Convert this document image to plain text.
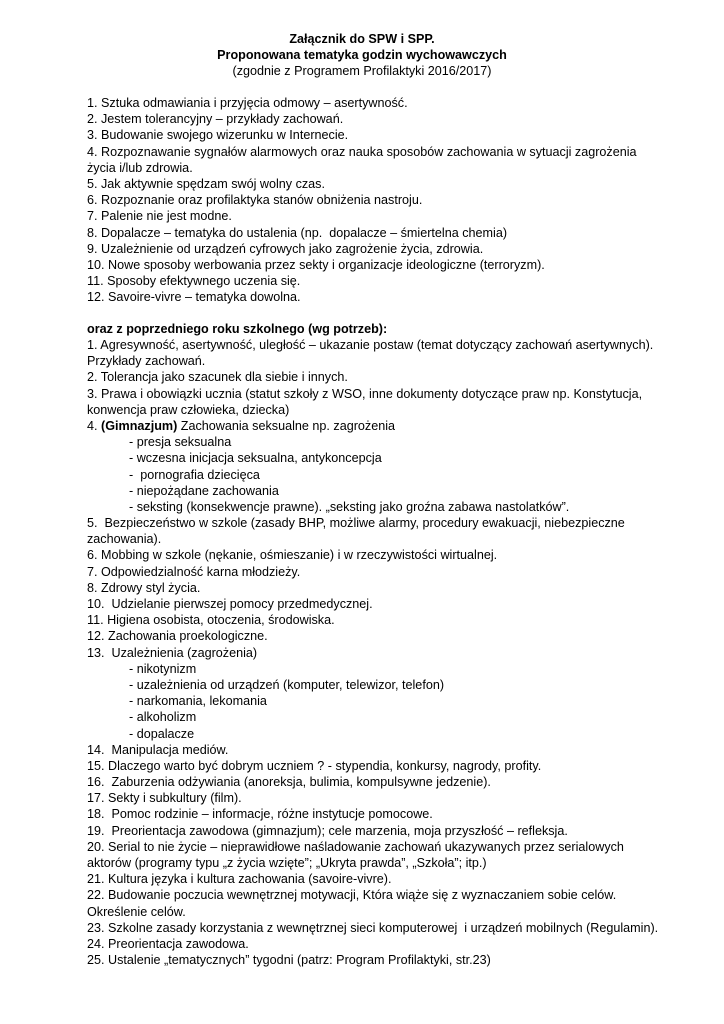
Załącznik do SPW i SPP.
Proponowana tematyka godzin wychowawczych
(zgodnie z Programem Profilaktyki 2016/2017)
1. Sztuka odmawiania i przyjęcia odmowy – asertywność.
2. Jestem tolerancyjny – przykłady zachowań.
3. Budowanie swojego wizerunku w Internecie.
4. Rozpoznawanie sygnałów alarmowych oraz nauka sposobów zachowania w sytuacji zagrożenia
życia i/lub zdrowia.
5. Jak aktywnie spędzam swój wolny czas.
6. Rozpoznanie oraz profilaktyka stanów obniżenia nastroju.
7. Palenie nie jest modne.
8. Dopalacze – tematyka do ustalenia (np.  dopalacze – śmiertelna chemia)
9. Uzależnienie od urządzeń cyfrowych jako zagrożenie życia, zdrowia.
10. Nowe sposoby werbowania przez sekty i organizacje ideologiczne (terroryzm).
11. Sposoby efektywnego uczenia się.
12. Savoire-vivre – tematyka dowolna.
oraz z poprzedniego roku szkolnego (wg potrzeb):
1. Agresywność, asertywność, uległość – ukazanie postaw (temat dotyczący zachowań asertywnych).
Przykłady zachowań.
2. Tolerancja jako szacunek dla siebie i innych.
3. Prawa i obowiązki ucznia (statut szkoły z WSO, inne dokumenty dotyczące praw np. Konstytucja,
konwencja praw człowieka, dziecka)
4. (Gimnazjum) Zachowania seksualne np. zagrożenia
- presja seksualna
- wczesna inicjacja seksualna, antykoncepcja
-  pornografia dziecięca
- niepożądane zachowania
- seksting (konsekwencje prawne). „seksting jako groźna zabawa nastolatków”.
5.  Bezpieczeństwo w szkole (zasady BHP, możliwe alarmy, procedury ewakuacji, niebezpieczne
zachowania).
6. Mobbing w szkole (nękanie, ośmieszanie) i w rzeczywistości wirtualnej.
7. Odpowiedzialność karna młodzieży.
8. Zdrowy styl życia.
10.  Udzielanie pierwszej pomocy przedmedycznej.
11. Higiena osobista, otoczenia, środowiska.
12. Zachowania proekologiczne.
13.  Uzależnienia (zagrożenia)
- nikotynizm
- uzależnienia od urządzeń (komputer, telewizor, telefon)
- narkomania, lekomania
- alkoholizm
- dopalacze
14.  Manipulacja mediów.
15. Dlaczego warto być dobrym uczniem ? - stypendia, konkursy, nagrody, profity.
16.  Zaburzenia odżywiania (anoreksja, bulimia, kompulsywne jedzenie).
17. Sekty i subkultury (film).
18.  Pomoc rodzinie – informacje, różne instytucje pomocowe.
19.  Preorientacja zawodowa (gimnazjum); cele marzenia, moja przyszłość – refleksja.
20. Serial to nie życie – nieprawidłowe naśladowanie zachowań ukazywanych przez serialowych
aktorów (programy typu „z życia wzięte”; „Ukryta prawda”, „Szkoła”; itp.)
21. Kultura języka i kultura zachowania (savoire-vivre).
22. Budowanie poczucia wewnętrznej motywacji, Która wiąże się z wyznaczaniem sobie celów.
Określenie celów.
23. Szkolne zasady korzystania z wewnętrznej sieci komputerowej  i urządzeń mobilnych (Regulamin).
24. Preorientacja zawodowa.
25. Ustalenie „tematycznych” tygodni (patrz: Program Profilaktyki, str.23)
